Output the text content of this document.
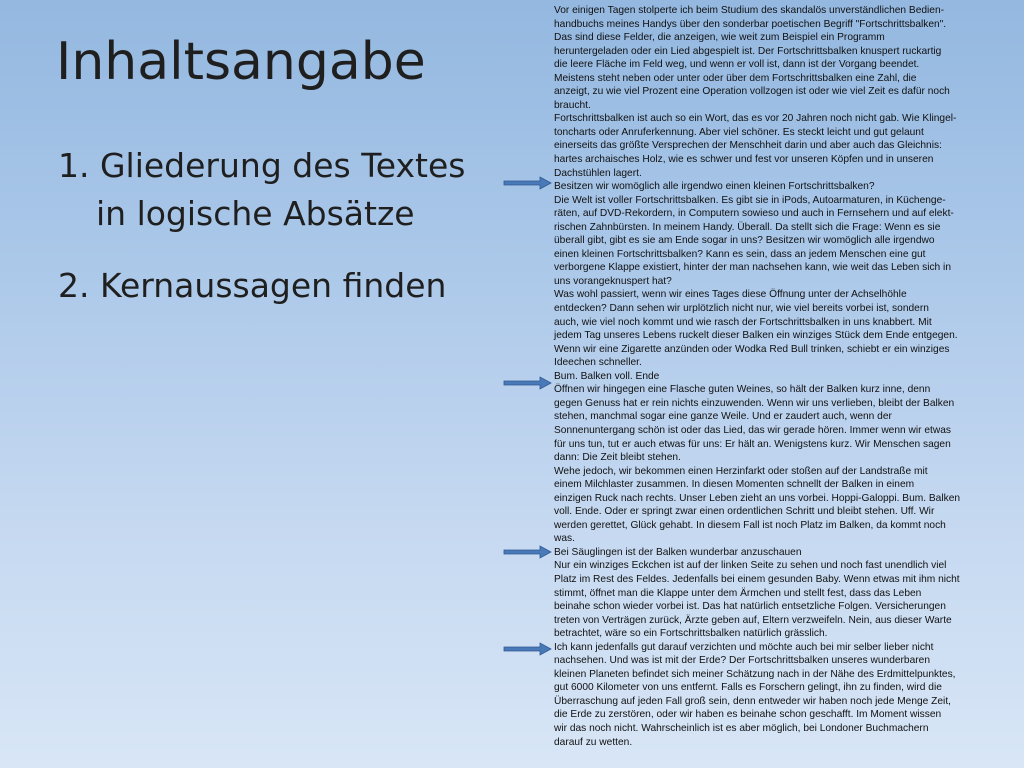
Inhaltsangabe
1. Gliederung des Textes
in logische Absätze
2. Kernaussagen finden

Vor einigen Tagen stolperte ich beim Studium des skandalös unverständlichen Bedien-

handbuchs meines Handys über den sonderbar poetischen Begriff "Fortschrittsbalken".

Das sind diese Felder, die anzeigen, wie weit zum Beispiel ein Programm

heruntergeladen oder ein Lied abgespielt ist. Der Fortschrittsbalken knuspert ruckartig

die leere Fläche im Feld weg, und wenn er voll ist, dann ist der Vorgang beendet.

Meistens steht neben oder unter oder über dem Fortschrittsbalken eine Zahl, die

anzeigt, zu wie viel Prozent eine Operation vollzogen ist oder wie viel Zeit es dafür noch

braucht.

Fortschrittsbalken ist auch so ein Wort, das es vor 20 Jahren noch nicht gab. Wie Klingel-

toncharts oder Anruferkennung. Aber viel schöner. Es steckt leicht und gut gelaunt

einerseits das größte Versprechen der Menschheit darin und aber auch das Gleichnis:

hartes archaisches Holz, wie es schwer und fest vor unseren Köpfen und in unseren

Dachstühlen lagert.

Besitzen wir womöglich alle irgendwo einen kleinen Fortschrittsbalken?

Die Welt ist voller Fortschrittsbalken. Es gibt sie in iPods, Autoarmaturen, in Küchenge-

räten, auf DVD-Rekordern, in Computern sowieso und auch in Fernsehern und auf elekt-

rischen Zahnbürsten. In meinem Handy. Überall. Da stellt sich die Frage: Wenn es sie

überall gibt, gibt es sie am Ende sogar in uns? Besitzen wir womöglich alle irgendwo

einen kleinen Fortschrittsbalken? Kann es sein, dass an jedem Menschen eine gut

verborgene Klappe existiert, hinter der man nachsehen kann, wie weit das Leben sich in

uns vorangeknuspert hat?

Was wohl passiert, wenn wir eines Tages diese Öffnung unter der Achselhöhle

entdecken? Dann sehen wir urplötzlich nicht nur, wie viel bereits vorbei ist, sondern

auch, wie viel noch kommt und wie rasch der Fortschrittsbalken in uns knabbert. Mit

jedem Tag unseres Lebens ruckelt dieser Balken ein winziges Stück dem Ende entgegen.

Wenn wir eine Zigarette anzünden oder Wodka Red Bull trinken, schiebt er ein winziges

Ideechen schneller.

Bum. Balken voll. Ende

Öffnen wir hingegen eine Flasche guten Weines, so hält der Balken kurz inne, denn

gegen Genuss hat er rein nichts einzuwenden. Wenn wir uns verlieben, bleibt der Balken

stehen, manchmal sogar eine ganze Weile. Und er zaudert auch, wenn der

Sonnenuntergang schön ist oder das Lied, das wir gerade hören. Immer wenn wir etwas

für uns tun, tut er auch etwas für uns: Er hält an. Wenigstens kurz. Wir Menschen sagen

dann: Die Zeit bleibt stehen.

Wehe jedoch, wir bekommen einen Herzinfarkt oder stoßen auf der Landstraße mit

einem Milchlaster zusammen. In diesen Momenten schnellt der Balken in einem

einzigen Ruck nach rechts. Unser Leben zieht an uns vorbei. Hoppi-Galoppi. Bum. Balken

voll. Ende. Oder er springt zwar einen ordentlichen Schritt und bleibt stehen. Uff. Wir

werden gerettet, Glück gehabt. In diesem Fall ist noch Platz im Balken, da kommt noch

was.

Bei Säuglingen ist der Balken wunderbar anzuschauen

Nur ein winziges Eckchen ist auf der linken Seite zu sehen und noch fast unendlich viel

Platz im Rest des Feldes. Jedenfalls bei einem gesunden Baby. Wenn etwas mit ihm nicht

stimmt, öffnet man die Klappe unter dem Ärmchen und stellt fest, dass das Leben

beinahe schon wieder vorbei ist. Das hat natürlich entsetzliche Folgen. Versicherungen

treten von Verträgen zurück, Ärzte geben auf, Eltern verzweifeln. Nein, aus dieser Warte

betrachtet, wäre so ein Fortschrittsbalken natürlich grässlich.

Ich kann jedenfalls gut darauf verzichten und möchte auch bei mir selber lieber nicht

nachsehen. Und was ist mit der Erde? Der Fortschrittsbalken unseres wunderbaren

kleinen Planeten befindet sich meiner Schätzung nach in der Nähe des Erdmittelpunktes,

gut 6000 Kilometer von uns entfernt. Falls es Forschern gelingt, ihn zu finden, wird die

Überraschung auf jeden Fall groß sein, denn entweder wir haben noch jede Menge Zeit,

die Erde zu zerstören, oder wir haben es beinahe schon geschafft. Im Moment wissen

wir das noch nicht. Wahrscheinlich ist es aber möglich, bei Londoner Buchmachern

darauf zu wetten.
